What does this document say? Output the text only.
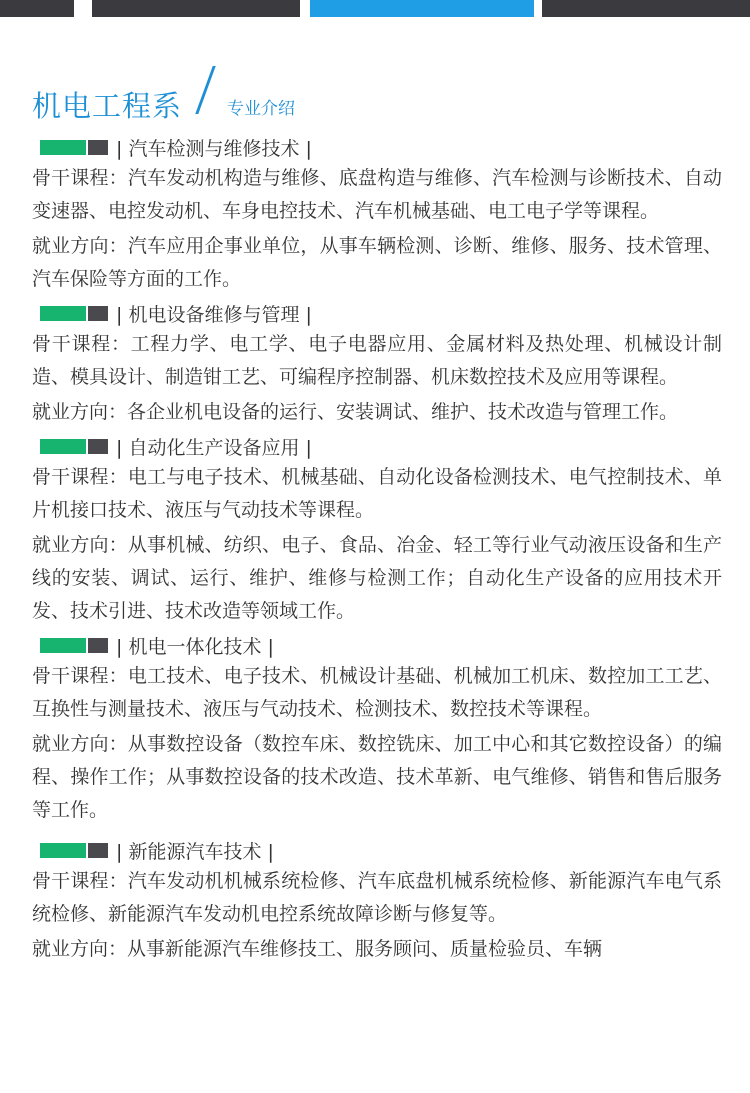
机电工程系	专业介绍
| 汽车检测与维修技术 |

骨干课程：汽车发动机构造与维修、底盘构造与维修、汽车检测与诊断技术、自动变速器、电控发动机、车身电控技术、汽车机械基础、电工电子学等课程。

就业方向：汽车应用企事业单位，从事车辆检测、诊断、维修、服务、技术管理、汽车保险等方面的工作。

| 机电设备维修与管理 |

骨干课程：工程力学、电工学、电子电器应用、金属材料及热处理、机械设计制造、模具设计、制造钳工艺、可编程序控制器、机床数控技术及应用等课程。

就业方向：各企业机电设备的运行、安装调试、维护、技术改造与管理工作。

| 自动化生产设备应用 |

骨干课程：电工与电子技术、机械基础、自动化设备检测技术、电气控制技术、单片机接口技术、液压与气动技术等课程。

就业方向：从事机械、纺织、电子、食品、冶金、轻工等行业气动液压设备和生产线的安装、调试、运行、维护、维修与检测工作；自动化生产设备的应用技术开发、技术引进、技术改造等领域工作。

| 机电一体化技术 |

骨干课程：电工技术、电子技术、机械设计基础、机械加工机床、数控加工工艺、互换性与测量技术、液压与气动技术、检测技术、数控技术等课程。

就业方向：从事数控设备（数控车床、数控铣床、加工中心和其它数控设备）的编程、操作工作；从事数控设备的技术改造、技术革新、电气维修、销售和售后服务等工作。

| 新能源汽车技术 |

骨干课程：汽车发动机机械系统检修、汽车底盘机械系统检修、新能源汽车电气系统检修、新能源汽车发动机电控系统故障诊断与修复等。

就业方向：从事新能源汽车维修技工、服务顾问、质量检验员、车辆
